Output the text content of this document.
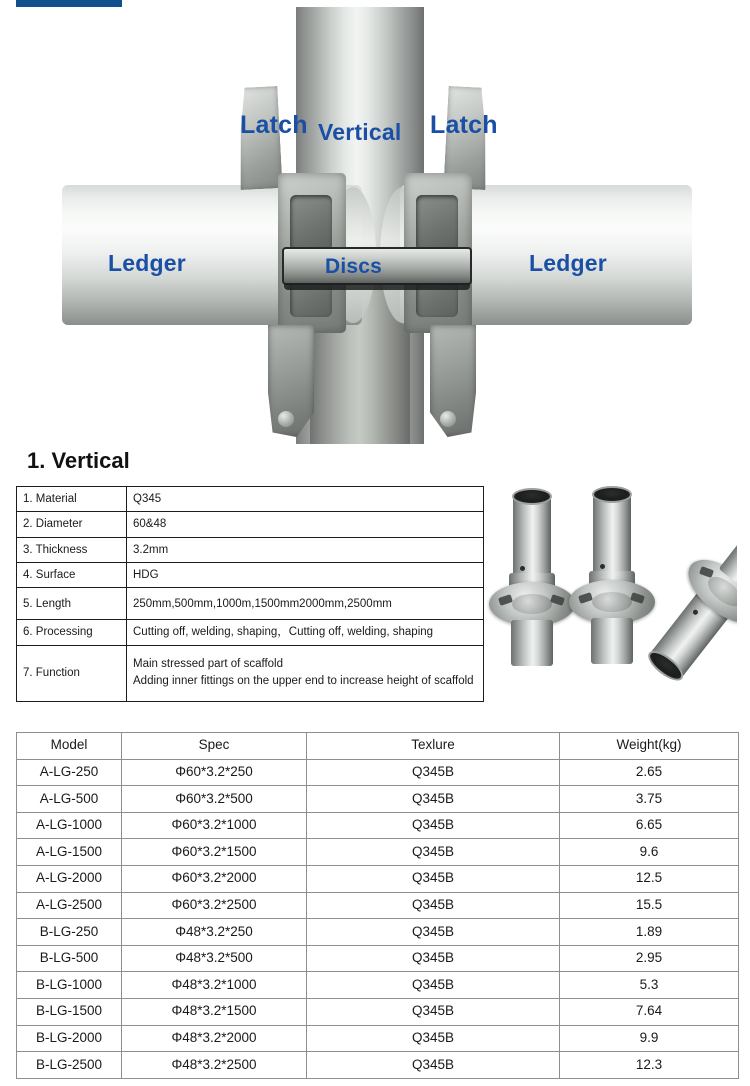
Latch Vertical Latch
Ledger	Discs	Ledger
1. Vertical
1. Material	Q345
2. Diameter	60&48
3. Thickness	3.2mm
4. Surface	HDG
5. Length	250mm,500mm,1000m,1500mm2000mm,2500mm
6. Processing	Cutting off, welding, shaping，Cutting off, welding, shaping
7. Function	Main stressed part of scaffold
Adding inner fittings on the upper end to increase height of scaffold
Model	Spec	Texlure	Weight(kg)
A-LG-250	Φ60*3.2*250	Q345B	2.65
A-LG-500	Φ60*3.2*500	Q345B	3.75
A-LG-1000	Φ60*3.2*1000	Q345B	6.65
A-LG-1500	Φ60*3.2*1500	Q345B	9.6
A-LG-2000	Φ60*3.2*2000	Q345B	12.5
A-LG-2500	Φ60*3.2*2500	Q345B	15.5
B-LG-250	Φ48*3.2*250	Q345B	1.89
B-LG-500	Φ48*3.2*500	Q345B	2.95
B-LG-1000	Φ48*3.2*1000	Q345B	5.3
B-LG-1500	Φ48*3.2*1500	Q345B	7.64
B-LG-2000	Φ48*3.2*2000	Q345B	9.9
B-LG-2500	Φ48*3.2*2500	Q345B	12.3
